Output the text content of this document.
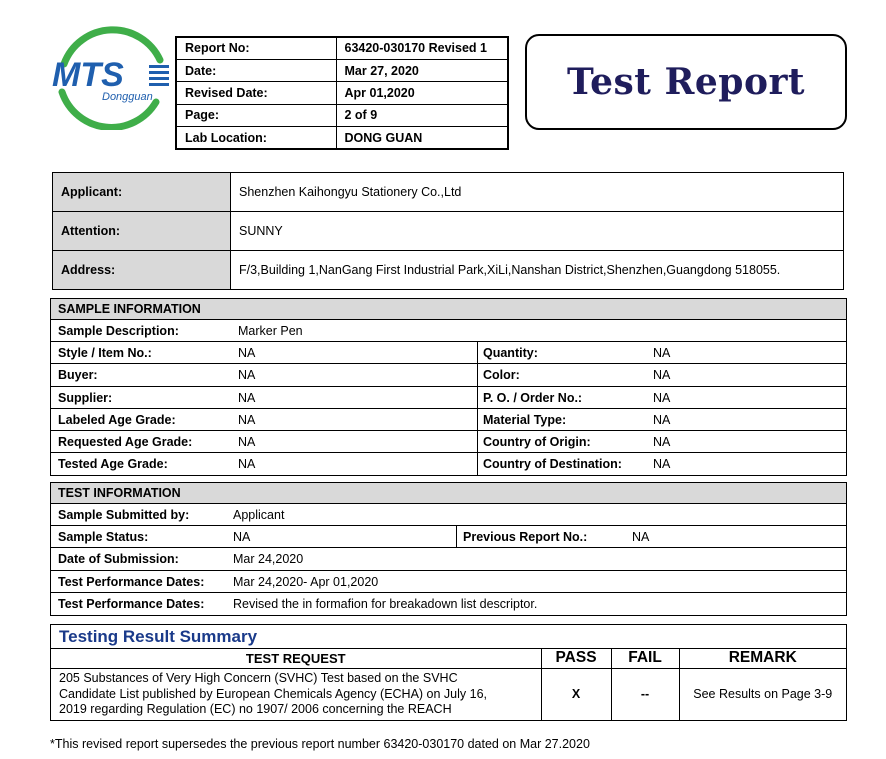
MTS
Dongguan
Report No:	63420-030170 Revised 1
Date:	Mar 27, 2020
Revised Date:	Apr 01,2020
Page:	2 of 9
Lab Location:	DONG GUAN
Test Report
Applicant:	Shenzhen Kaihongyu Stationery Co.,Ltd
Attention:	SUNNY
Address:	F/3,Building 1,NanGang First Industrial Park,XiLi,Nanshan District,Shenzhen,Guangdong 518055.
SAMPLE INFORMATION
Sample Description:	Marker Pen
Style / Item No.:	NA	Quantity:	NA
Buyer:	NA	Color:	NA
Supplier:	NA	P. O. / Order No.:	NA
Labeled Age Grade:	NA	Material Type:	NA
Requested Age Grade:	NA	Country of Origin:	NA
Tested Age Grade:	NA	Country of Destination: NA
TEST INFORMATION
Sample Submitted by:	Applicant
Sample Status:	NA	Previous Report No.:	NA
Date of Submission:	Mar 24,2020
Test Performance Dates: Mar 24,2020- Apr 01,2020
Test Performance Dates: Revised the in formafion for breakadown list descriptor.
Testing Result Summary
TEST REQUEST	PASS	FAIL	REMARK

205 Substances of Very High Concern (SVHC) Test based on the SVHC
Candidate List published by European Chemicals Agency (ECHA) on July 16,
2019 regarding Regulation (EC) no 1907/ 2006 concerning the REACH	X	--	See Results on Page 3-9
*This revised report supersedes the previous report number 63420-030170 dated on Mar 27.2020
